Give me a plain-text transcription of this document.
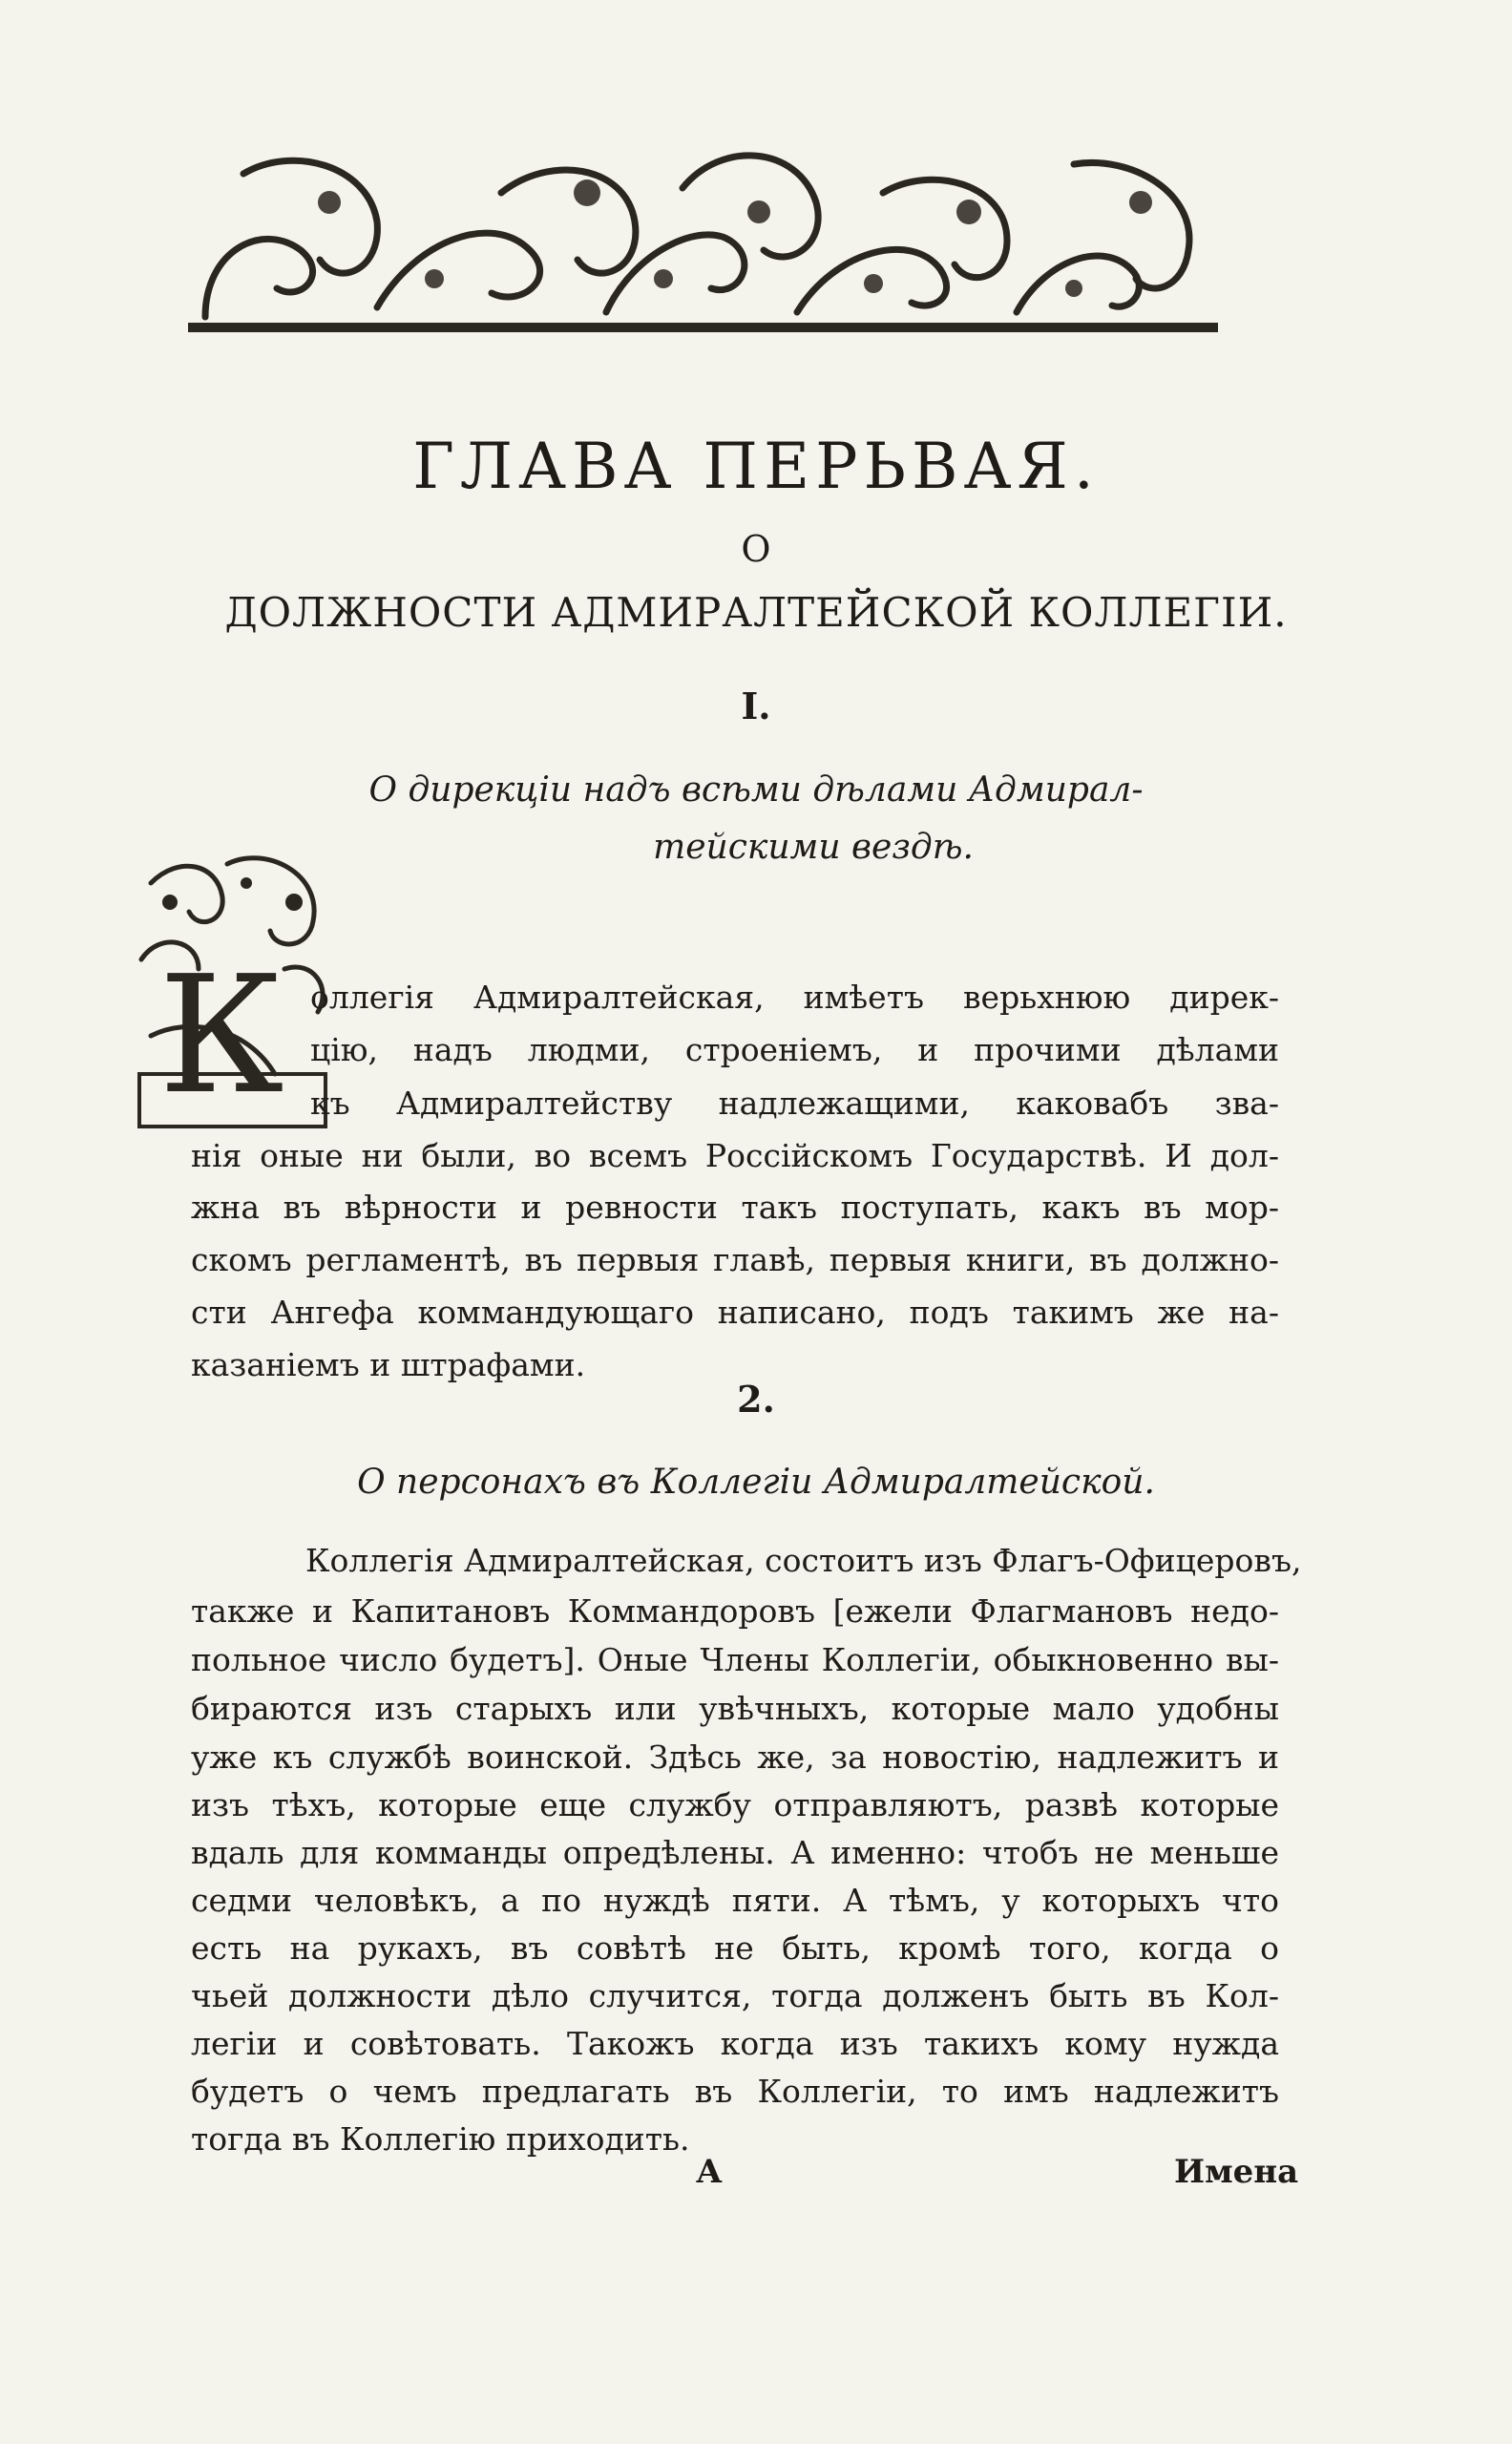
ГЛАВА ПЕРЬВАЯ.
О
ДОЛЖНОСТИ АДМИРАЛТЕЙСКОЙ КОЛЛЕГІИ.
I.
О дирекціи надъ всѣми дѣлами Адмирал-
тейскими вездѣ.
К оллегія Адмиралтейская, имѣетъ верьхнюю дирек-
цію, надъ людми, строеніемъ, и прочими дѣлами
къ Адмиралтейству надлежащими, каковабъ зва-
нія оные ни были, во всемъ Россійскомъ Государствѣ. И дол-
жна въ вѣрности и ревности такъ поступать, какъ въ мор-
скомъ регламентѣ, въ первыя главѣ, первыя книги, въ должно-
сти Ангефа коммандующаго написано, подъ такимъ же на-
казаніемъ и штрафами.
2.
О персонахъ въ Коллегіи Адмиралтейской.
Коллегія Адмиралтейская, состоитъ изъ Флагъ-Офицеровъ,
также и Капитановъ Коммандоровъ [ежели Флагмановъ недо-
польное число будетъ]. Оные Члены Коллегіи, обыкновенно вы-
бираются изъ старыхъ или увѣчныхъ, которые мало удобны
уже къ службѣ воинской. Здѣсь же, за новостію, надлежитъ и
изъ тѣхъ, которые еще службу отправляютъ, развѣ которые
вдаль для комманды опредѣлены. А именно: чтобъ не меньше
седми человѣкъ, а по нуждѣ пяти. А тѣмъ, у которыхъ что
есть на рукахъ, въ совѣтѣ не быть, кромѣ того, когда о
чьей должности дѣло случится, тогда долженъ быть въ Кол-
легіи и совѣтовать. Такожъ когда изъ такихъ кому нужда
будетъ о чемъ предлагать въ Коллегіи, то имъ надлежитъ
тогда въ Коллегію приходить.
А	Имена
